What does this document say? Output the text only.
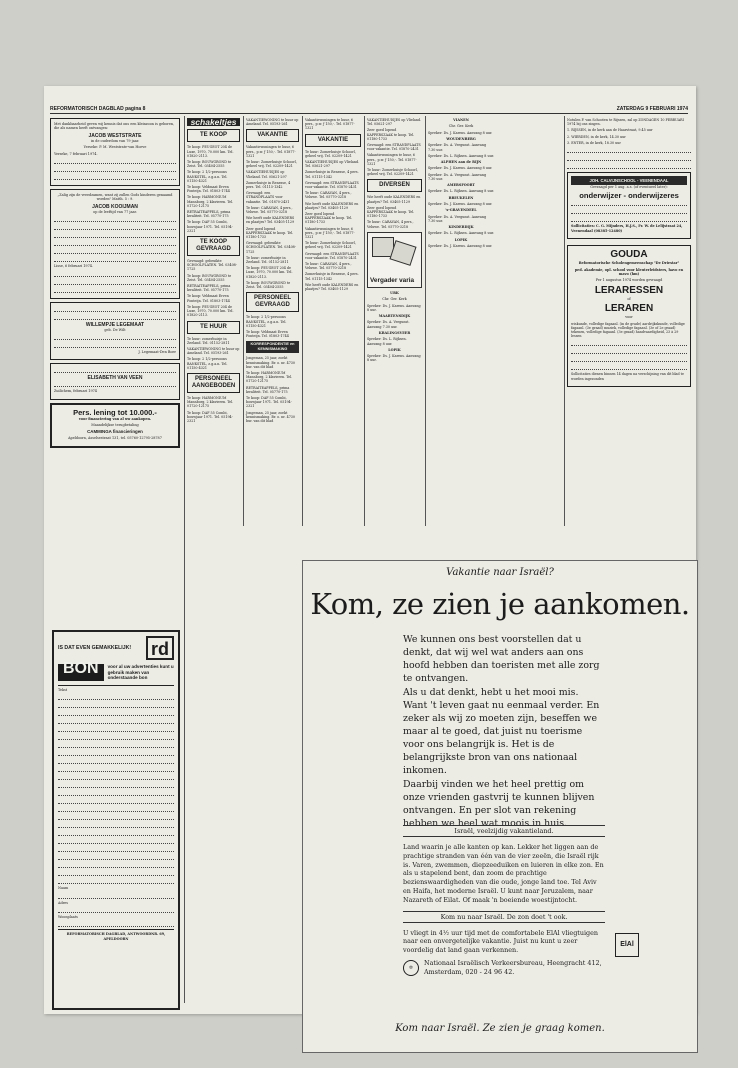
REFORMATORISCH DAGBLAD pagina 8	ZATERDAG 9 FEBRUARI 1974

Met dankbaarheid geven wij kennis dat ons een kleinzoon is geboren, die als namen heeft ontvangen:

JACOB WESTSTRATE

in de ouderdom van 79 jaar.

Yerseke: P. M. Weststrate-van Hoeve

Yerseke, 7 februari 1974.

„Zalig zijn de vreedzamen, want zij zullen Gods kinderen genaamd worden" Matth. 5 : 9.

JACOB KOOIJMAN

op de leeftijd van 77 jaar.

Lisse, 6 februari 1974.

WILLEMPJE LEGEMAAT

geb. De Wilt

J. Legemaat-Den Boer

ELISABETH VAN VEEN

Zuilichem, februari 1974

Pers. lening tot 10.000.-

voor financiering van al uw aankopen.

Maandelijkse terugbetaling

CAMMINGA financieringen

Apeldoorn, Asselsestraat 131, tel. 05760-12795-28787

IS DAT EVEN GEMAKKELIJK! rd
BON	voor al uw advertenties kunt u gebruik maken van onderstaande bon

Tekst

Naam

Adres

Woonplaats

REFORMATORISCH DAGBLAD, ANTWOORDNR. 69, APELDOORN

schakeltjes
TE KOOP

Te koop: PEUGEOT 204 de Luxe, 1970, 70.000 km. Tel. 01820-2113.

Te koop: BOUWGROND te Zeist. Tel. 03404-2555

Te koop: 2 1/2-persoons BANKSTEL, z.g.a.n. Tel. 01150-4321

Te koop: Veldmaat Erven Fonteijn. Tel. 01803-1744

Te koop: HARMONIUM Mannborg, 2 klavieren. Tel. 01720-12175

RETRAITEAPPELS, prima kwaliteit. Tel. 05770-175

Te koop: DAF 55 Combi, bouwjaar 1971. Tel. 05194-2321

TE KOOP GEVRAAGD

Gevraagd: gebruikte SCHOOLPLATEN. Tel. 03408-1725

Te koop: BOUWGROND te Zeist. Tel. 03404-2555

RETRAITEAPPELS, prima kwaliteit. Tel. 05770-175

Te koop: Veldmaat Erven Fonteijn. Tel. 01803-1744

Te koop: PEUGEOT 204 de Luxe, 1970, 70.000 km. Tel. 01820-2113.

TE HUUR

Te huur: zomerhuisje in Zeeland. Tel. 01152-2811

VAKANTIEWONING te huur op Ameland. Tel. 05193-261

Te koop: 2 1/2-persoons BANKSTEL, z.g.a.n. Tel. 01150-4321

PERSONEEL AANGEBODEN

Te koop: HARMONIUM Mannborg, 2 klavieren. Tel. 01720-12175

Te koop: DAF 55 Combi, bouwjaar 1971. Tel. 05194-2321

VAKANTIEWONING te huur op Ameland. Tel. 05193-261

VAKANTIE

Vakantiewoningen te huur, 6 pers., p.w. ƒ 150,-. Tel. 01877-1321

Te huur: Zomerhuisje Schoorl, geheel vrij. Tel. 02209-1421

VAKANTIEHUISJES op Vlieland. Tel. 05621-297

Zomerhuisje in Renesse, 4 pers. Tel. 01115-1342

Gevraagd: een STRANDPLAATS voor vakantie. Tel. 01870-2431

Te huur: CARAVAN, 4 pers., Veluwe. Tel. 05770-3218

Wie heeft oude KALENDERS en plaatjes? Tel. 03405-1129

Zeer goed lopend KAPPERSZAAK te koop. Tel. 01180-1733

Gevraagd: gebruikte SCHOOLPLATEN. Tel. 03408-1725

Te huur: zomerhuisje in Zeeland. Tel. 01152-2811

Te koop: PEUGEOT 204 de Luxe, 1970, 70.000 km. Tel. 01820-2113.

Te koop: BOUWGROND te Zeist. Tel. 03404-2555

PERSONEEL GEVRAAGD

Te koop: 2 1/2-persoons BANKSTEL, z.g.a.n. Tel. 01150-4321

Te koop: Veldmaat Erven Fonteijn. Tel. 01803-1744

KORRESPONDENTIE en KENNISMAKING

Jongeman, 25 jaar, zoekt kennismaking. Br. o. nr. 4730 bur. van dit blad

Te koop: HARMONIUM Mannborg, 2 klavieren. Tel. 01720-12175

RETRAITEAPPELS, prima kwaliteit. Tel. 05770-175

Te koop: DAF 55 Combi, bouwjaar 1971. Tel. 05194-2321

Jongeman, 25 jaar, zoekt kennismaking. Br. o. nr. 4730 bur. van dit blad

Vakantiewoningen te huur, 6 pers., p.w. ƒ 150,-. Tel. 01877-1321

VAKANTIE

Te huur: Zomerhuisje Schoorl, geheel vrij. Tel. 02209-1421

VAKANTIEHUISJES op Vlieland. Tel. 05621-297

Zomerhuisje in Renesse, 4 pers. Tel. 01115-1342

Gevraagd: een STRANDPLAATS voor vakantie. Tel. 01870-2431

Te huur: CARAVAN, 4 pers., Veluwe. Tel. 05770-3218

Wie heeft oude KALENDERS en plaatjes? Tel. 03405-1129

Zeer goed lopend KAPPERSZAAK te koop. Tel. 01180-1733

Vakantiewoningen te huur, 6 pers., p.w. ƒ 150,-. Tel. 01877-1321

Te huur: Zomerhuisje Schoorl, geheel vrij. Tel. 02209-1421

Gevraagd: een STRANDPLAATS voor vakantie. Tel. 01870-2431

Te huur: CARAVAN, 4 pers., Veluwe. Tel. 05770-3218

Zomerhuisje in Renesse, 4 pers. Tel. 01115-1342

Wie heeft oude KALENDERS en plaatjes? Tel. 03405-1129

VAKANTIEHUISJES op Vlieland. Tel. 05621-297

Zeer goed lopend KAPPERSZAAK te koop. Tel. 01180-1733

Gevraagd: een STRANDPLAATS voor vakantie. Tel. 01870-2431

Vakantiewoningen te huur, 6 pers., p.w. ƒ 150,-. Tel. 01877-1321

Te huur: Zomerhuisje Schoorl, geheel vrij. Tel. 02209-1421

DIVERSEN

Wie heeft oude KALENDERS en plaatjes? Tel. 03405-1129

Zeer goed lopend KAPPERSZAAK te koop. Tel. 01180-1733

Te huur: CARAVAN, 4 pers., Veluwe. Tel. 05770-3218

Vergader varia

URK

Chr. Ger. Kerk

Spreker: Ds. J. Karens. Aanvang 8 uur.

MAARTENSDIJK

Spreker: Ds. A. Vergunst. Aanvang 7.30 uur.

KRALINGSVEER

Spreker: Ds. L. Rijksen. Aanvang 8 uur.

LOPIK

Spreker: Ds. J. Karens. Aanvang 8 uur.

VIANEN

Chr. Ger. Kerk

Spreker: Ds. J. Karens. Aanvang 8 uur.

WOUDENBERG

Spreker: Ds. A. Vergunst. Aanvang 7.30 uur.

Spreker: Ds. L. Rijksen. Aanvang 8 uur.

ALPHEN aan de RIJN

Spreker: Ds. J. Karens. Aanvang 8 uur.

Spreker: Ds. A. Vergunst. Aanvang 7.30 uur.

AMERSFOORT

Spreker: Ds. L. Rijksen. Aanvang 8 uur.

BREUKELEN

Spreker: Ds. J. Karens. Aanvang 8 uur.

's-GRAVENDEEL

Spreker: Ds. A. Vergunst. Aanvang 7.30 uur.

KINDERDIJK

Spreker: Ds. L. Rijksen. Aanvang 8 uur.

LOPIK

Spreker: Ds. J. Karens. Aanvang 8 uur.

Notulen F. van Schooten te Rijssen, zal op ZONDAGEN 10 FEBRUARI 1974 bij ons zingen.

1. RIJSSEN, in de kerk aan de Haarstraat, 9.45 uur

2. WIERDEN, in de kerk, 14.30 uur

3. ENTER, in de kerk, 18.30 uur

JOH. CALVIJNSCHOOL - VEENENDAAL

Gevraagd per 1 aug. a.s. (of eventueel later):

onderwijzer - onderwijzeres

Sollicitaties: C. G. Mijnders, H.J.S., Fr. W. de Lelijstraat 24, Veenendaal (08385-12480)

GOUDA

Reformatorische Scholengemeenschap "De Driestar"

ped. akademie, opl. school voor kleuterleidsters, havo en mavo (hm)

Per 1 augustus 1974 worden gevraagd

LERARESSEN

of

LERAREN

voor

wiskunde, volledige fagaanl. (in de grade) aardrijkskunde, volledige fagaanl. (3e graad) muziek, volledige fagaanl. (3e of 2e graad) tekenen, volledige fagaanl. (3e graad) handvaardigheid, 23 à 29 lessen

Sollicitaties dienen binnen 14 dagen na verschijning van dit blad te worden ingezonden

Vakantie naar Israël?
Kom, ze zien je aankomen.

We kunnen ons best voorstellen dat u denkt, dat wij wel wat anders aan ons hoofd hebben dan toeristen met alle zorg te ontvangen.

Als u dat denkt, hebt u het mooi mis. Want 't leven gaat nu eenmaal verder. En zeker als wij zo moeten zijn, beseffen we maar al te goed, dat juist nu toerisme voor ons belangrijk is. Het is de belangrijkste bron van ons nationaal inkomen.

Daarbij vinden we het heel prettig om onze vrienden gastvrij te kunnen blijven ontvangen. En per slot van rekening hebben we heel wat moois in huis.

Israël, veelzijdig vakantieland.

Land waarin je alle kanten op kan. Lekker het liggen aan de prachtige stranden van één van de vier zeeën, die Israël rijk is. Varen, zwemmen, diepzeeduiken en luieren in elke zon. En als u stapelend bent, dan zoom de prachtige bezienswaardigheden van die oude, jonge land toe. Tel Aviv en Haifa, het moderne Israël. U kunt naar Jeruzalem, naar Nazareth of Eilat. Of maak 'n boeiende woestijntocht.

Kom nu naar Israël. De zon doet 't ook.

U vliegt in 4½ uur tijd met de comfortabele ElAl vliegtuigen naar een onvergetelijke vakantie. Juist nu kunt u zeer voordelig dat land gaan verkennen.

✡

Nationaal Israëlisch Verkeersbureau, Heengracht 412, Amsterdam, 020 - 24 96 42.

ElAl
Kom naar Israël. Ze zien je graag komen.
